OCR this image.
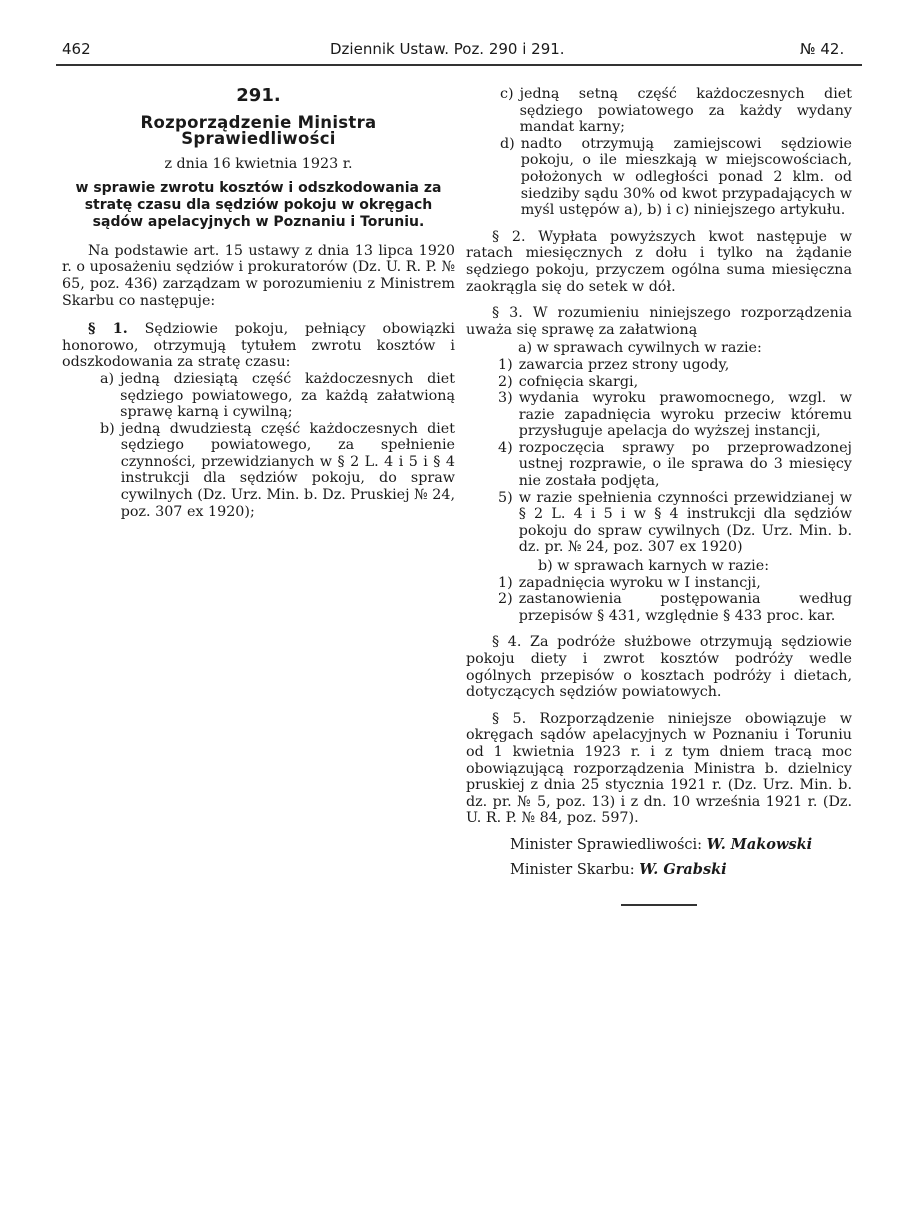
462	Dziennik Ustaw. Poz. 290 i 291.	№ 42.
291.
Rozporządzenie Ministra Sprawiedliwości
z dnia 16 kwietnia 1923 r.
w sprawie zwrotu kosztów i odszkodowania za stratę czasu dla sędziów pokoju w okręgach sądów apelacyjnych w Poznaniu i Toruniu.

Na podstawie art. 15 ustawy z dnia 13 lipca 1920 r. o uposażeniu sędziów i prokuratorów (Dz. U. R. P. № 65, poz. 436) zarządzam w porozumieniu z Ministrem Skarbu co następuje:

§ 1. Sędziowie pokoju, pełniący obowiązki honorowo, otrzymują tytułem zwrotu kosztów i odszkodowania za stratę czasu:

a) jedną dziesiątą część każdoczesnych diet sędziego powiatowego, za każdą załatwioną sprawę karną i cywilną;
b) jedną dwudziestą część każdoczesnych diet sędziego powiatowego, za spełnienie czynności, przewidzianych w § 2 L. 4 i 5 i § 4 instrukcji dla sędziów pokoju, do spraw cywilnych (Dz. Urz. Min. b. Dz. Pruskiej № 24, poz. 307 ex 1920);
c) jedną setną część każdoczesnych diet sędziego powiatowego za każdy wydany mandat karny;
d) nadto otrzymują zamiejscowi sędziowie pokoju, o ile mieszkają w miejscowościach, położonych w odległości ponad 2 klm. od siedziby sądu 30% od kwot przypadających w myśl ustępów a), b) i c) niniejszego artykułu.

§ 2. Wypłata powyższych kwot następuje w ratach miesięcznych z dołu i tylko na żądanie sędziego pokoju, przyczem ogólna suma miesięczna zaokrągla się do setek w dół.

§ 3. W rozumieniu niniejszego rozporządzenia uważa się sprawę za załatwioną

a) w sprawach cywilnych w razie:
1) zawarcia przez strony ugody,
2) cofnięcia skargi,
3) wydania wyroku prawomocnego, wzgl. w razie zapadnięcia wyroku przeciw któremu przysługuje apelacja do wyższej instancji,
4) rozpoczęcia sprawy po przeprowadzonej ustnej rozprawie, o ile sprawa do 3 miesięcy nie została podjęta,
5) w razie spełnienia czynności przewidzianej w § 2 L. 4 i 5 i w § 4 instrukcji dla sędziów pokoju do spraw cywilnych (Dz. Urz. Min. b. dz. pr. № 24, poz. 307 ex 1920)
b) w sprawach karnych w razie:
1) zapadnięcia wyroku w I instancji,
2) zastanowienia postępowania według przepisów § 431, względnie § 433 proc. kar.

§ 4. Za podróże służbowe otrzymują sędziowie pokoju diety i zwrot kosztów podróży wedle ogólnych przepisów o kosztach podróży i dietach, dotyczących sędziów powiatowych.

§ 5. Rozporządzenie niniejsze obowiązuje w okręgach sądów apelacyjnych w Poznaniu i Toruniu od 1 kwietnia 1923 r. i z tym dniem tracą moc obowiązującą rozporządzenia Ministra b. dzielnicy pruskiej z dnia 25 stycznia 1921 r. (Dz. Urz. Min. b. dz. pr. № 5, poz. 13) i z dn. 10 września 1921 r. (Dz. U. R. P. № 84, poz. 597).

Minister Sprawiedliwości: W. Makowski
Minister Skarbu: W. Grabski
